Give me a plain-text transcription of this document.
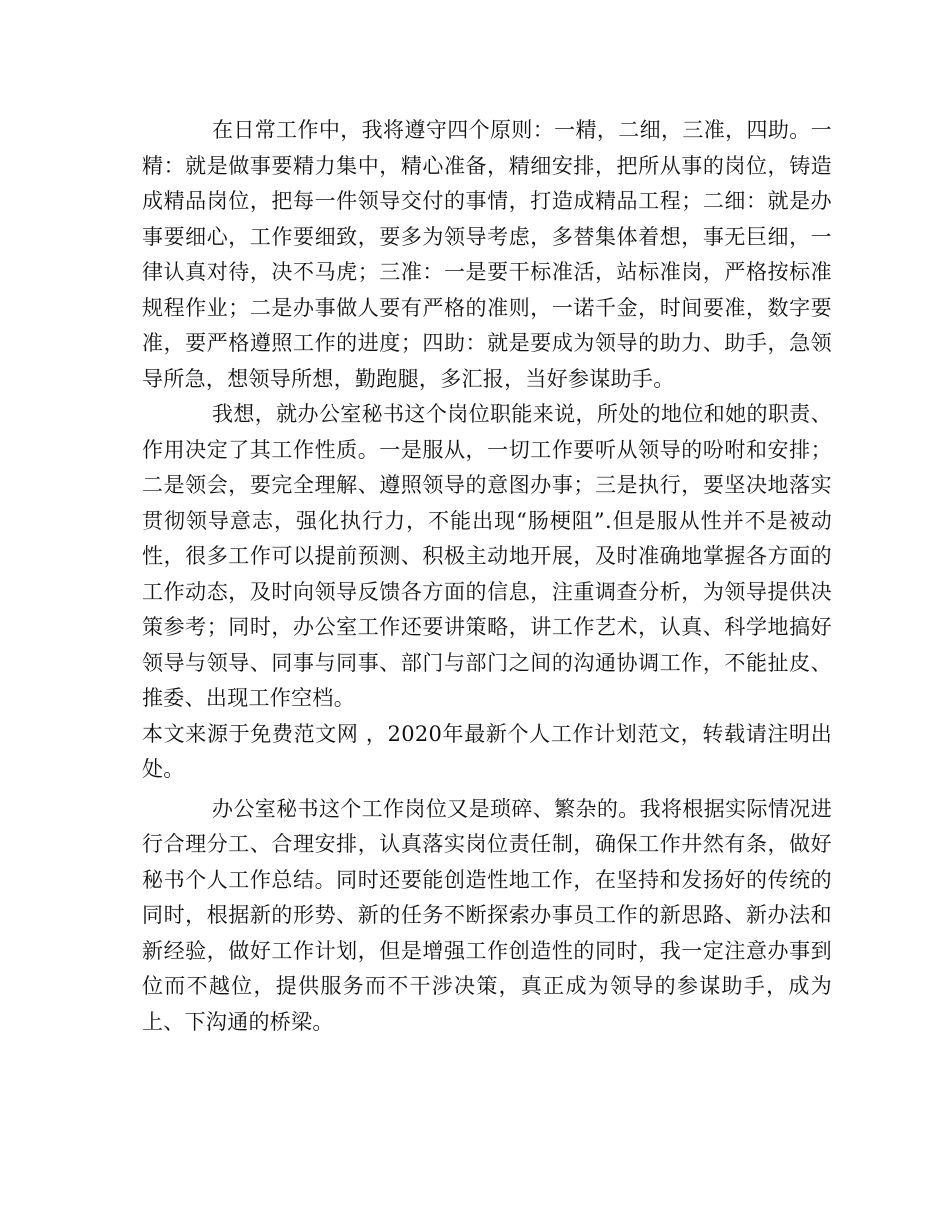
在日常工作中，我将遵守四个原则：一精，二细，三准，四助。一精：就是做事要精力集中，精心准备，精细安排，把所从事的岗位，铸造成精品岗位，把每一件领导交付的事情，打造成精品工程；二细：就是办事要细心，工作要细致，要多为领导考虑，多替集体着想，事无巨细，一律认真对待，决不马虎；三准：一是要干标准活，站标准岗，严格按标准规程作业；二是办事做人要有严格的准则，一诺千金，时间要准，数字要准，要严格遵照工作的进度；四助：就是要成为领导的助力、助手，急领导所急，想领导所想，勤跑腿，多汇报，当好参谋助手。

我想，就办公室秘书这个岗位职能来说，所处的地位和她的职责、作用决定了其工作性质。一是服从，一切工作要听从领导的吩咐和安排；二是领会，要完全理解、遵照领导的意图办事；三是执行，要坚决地落实贯彻领导意志，强化执行力，不能出现“肠梗阻”.但是服从性并不是被动性，很多工作可以提前预测、积极主动地开展，及时准确地掌握各方面的工作动态，及时向领导反馈各方面的信息，注重调查分析，为领导提供决策参考；同时，办公室工作还要讲策略，讲工作艺术，认真、科学地搞好领导与领导、同事与同事、部门与部门之间的沟通协调工作，不能扯皮、推委、出现工作空档。

本文来源于免费范文网 ，2020年最新个人工作计划范文，转载请注明出处。

办公室秘书这个工作岗位又是琐碎、繁杂的。我将根据实际情况进行合理分工、合理安排，认真落实岗位责任制，确保工作井然有条，做好秘书个人工作总结。同时还要能创造性地工作，在坚持和发扬好的传统的同时，根据新的形势、新的任务不断探索办事员工作的新思路、新办法和新经验，做好工作计划，但是增强工作创造性的同时，我一定注意办事到位而不越位，提供服务而不干涉决策，真正成为领导的参谋助手，成为上、下沟通的桥梁。
